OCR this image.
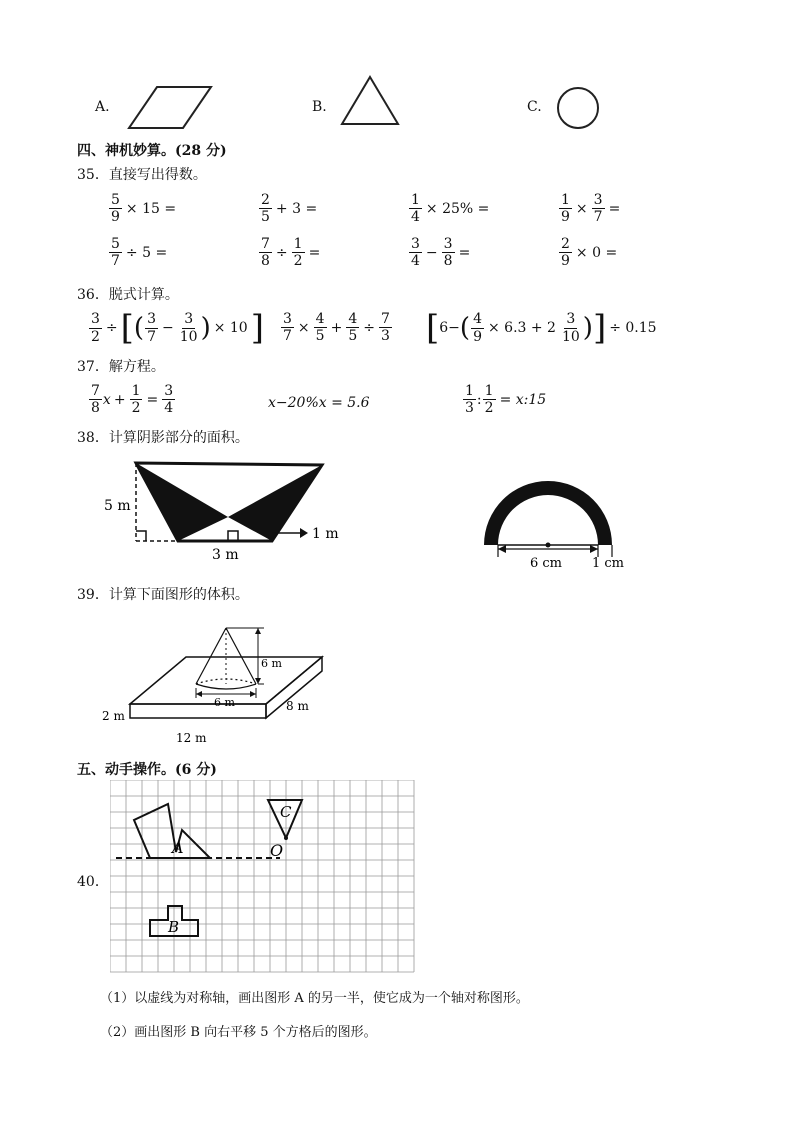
A.	B.	C.
四、神机妙算。(28 分)
35．直接写出得数。
$\frac{5}{9} \times 15$ =	$\frac{2}{5} + 3$ =	$\frac{1}{4} \times 25\%$ =	$\frac{1}{9} \times \frac{3}{7}$ =
$\frac{5}{7} \div 5$ =	$\frac{7}{8} \div \frac{1}{2}$ =	$\frac{3}{4} - \frac{3}{8}$ =	$\frac{2}{9} \times 0$ =
36．脱式计算。
$\frac{3}{2}$ ÷ [ ( $\frac{3}{7} - \frac{3}{10}$ ) × 10 ] $\frac{3}{7} \times \frac{4}{5} + \frac{4}{5} \div \frac{7}{3}$ [ 6− ( $\frac{4}{9} \times 6.3 + 2 \frac{3}{10}$ ) ] ÷ 0.15
37．解方程。
$\frac{7}{8}$ $x + \frac{1}{2} = \frac{3}{4}$	x−20%x = 5.6	$\frac{1}{3}$ : $\frac{1}{2}$ = x:15
38．计算阴影部分的面积。
5 m
3 m
1 m
6 cm 1 cm
39．计算下面图形的体积。
6 m
6 m	8 m
2 m
12 m
五、动手操作。(6 分)
40．
A
C
O
B
（1）以虚线为对称轴，画出图形 A 的另一半，使它成为一个轴对称图形。
（2）画出图形 B 向右平移 5 个方格后的图形。
